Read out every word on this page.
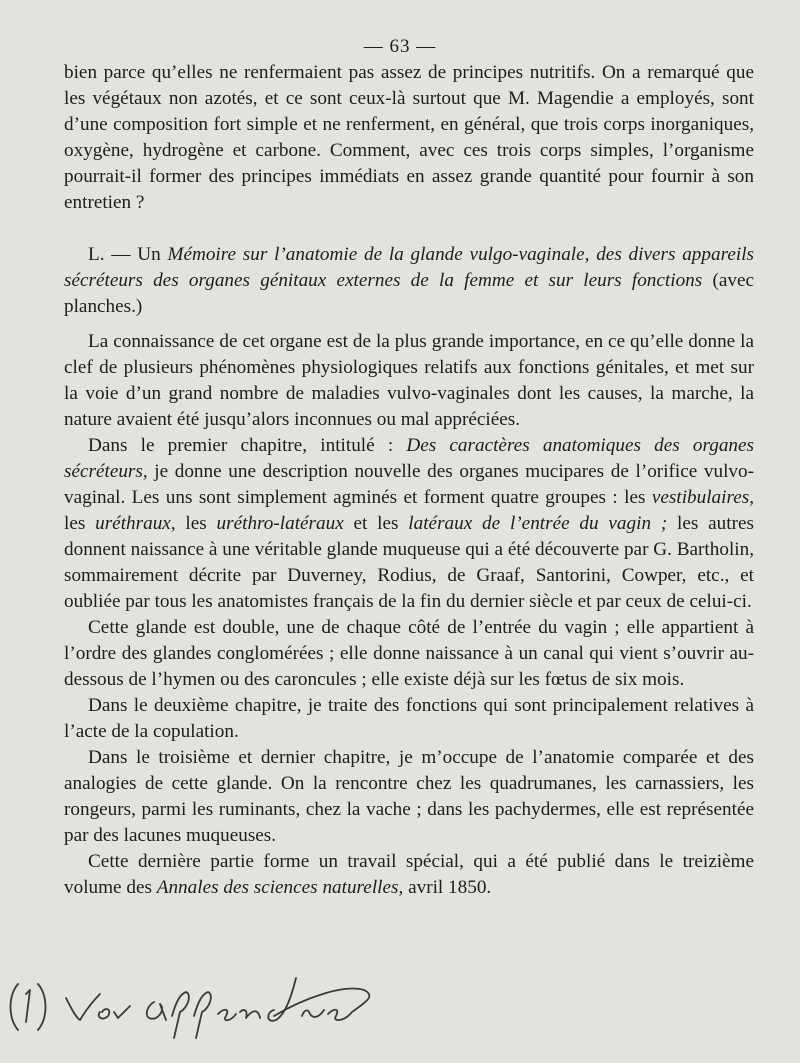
— 63 —

bien parce qu’elles ne renfermaient pas assez de principes nutritifs. On a remarqué que les végétaux non azotés, et ce sont ceux-là surtout que M. Magendie a employés, sont d’une composition fort simple et ne renferment, en général, que trois corps inorganiques, oxygène, hydrogène et carbone. Comment, avec ces trois corps simples, l’organisme pourrait-il former des principes immédiats en assez grande quantité pour fournir à son entretien ?

L. — Un Mémoire sur l’anatomie de la glande vulgo-vaginale, des divers appareils sécréteurs des organes génitaux externes de la femme et sur leurs fonctions (avec planches.)

La connaissance de cet organe est de la plus grande importance, en ce qu’elle donne la clef de plusieurs phénomènes physiologiques relatifs aux fonctions génitales, et met sur la voie d’un grand nombre de maladies vulvo-vaginales dont les causes, la marche, la nature avaient été jusqu’alors inconnues ou mal appréciées.

Dans le premier chapitre, intitulé : Des caractères anatomiques des organes sécréteurs, je donne une description nouvelle des organes mucipares de l’orifice vulvo-vaginal. Les uns sont simplement agminés et forment quatre groupes : les vestibulaires, les uréthraux, les uréthro-latéraux et les latéraux de l’entrée du vagin ; les autres donnent naissance à une véritable glande muqueuse qui a été découverte par G. Bartholin, sommairement décrite par Duverney, Rodius, de Graaf, Santorini, Cowper, etc., et oubliée par tous les anatomistes français de la fin du dernier siècle et par ceux de celui-ci.

Cette glande est double, une de chaque côté de l’entrée du vagin ; elle appartient à l’ordre des glandes conglomérées ; elle donne naissance à un canal qui vient s’ouvrir au-dessous de l’hymen ou des caroncules ; elle existe déjà sur les fœtus de six mois.

Dans le deuxième chapitre, je traite des fonctions qui sont principalement relatives à l’acte de la copulation.

Dans le troisième et dernier chapitre, je m’occupe de l’anatomie comparée et des analogies de cette glande. On la rencontre chez les quadrumanes, les carnassiers, les rongeurs, parmi les ruminants, chez la vache ; dans les pachydermes, elle est représentée par des lacunes muqueuses.

Cette dernière partie forme un travail spécial, qui a été publié dans le treizième volume des Annales des sciences naturelles, avril 1850.
